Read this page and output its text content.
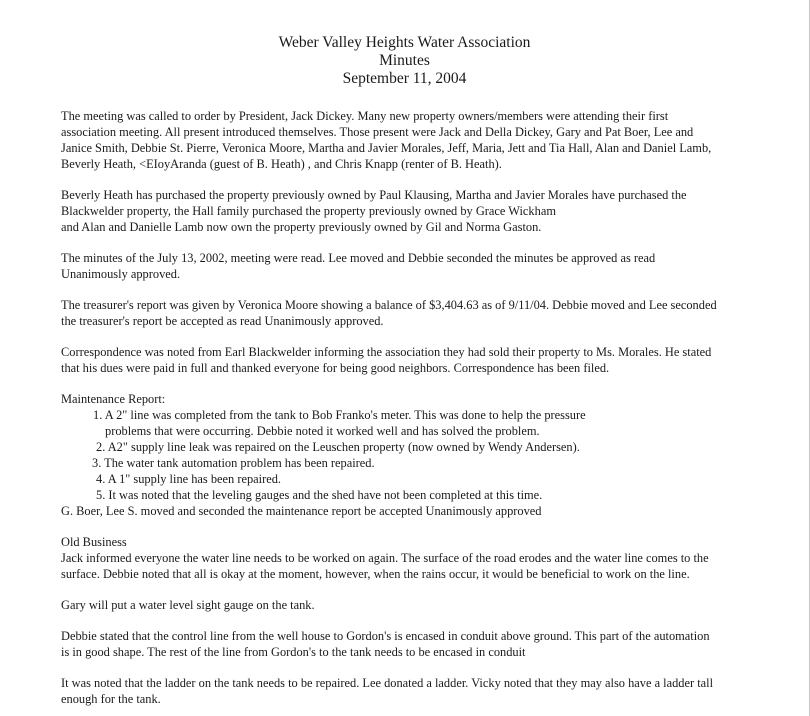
Weber Valley Heights Water Association
Minutes
September 11, 2004
The meeting was called to order by President, Jack Dickey. Many new property owners/members were attending their first
association meeting. All present introduced themselves. Those present were Jack and Della Dickey, Gary and Pat Boer, Lee and
Janice Smith, Debbie St. Pierre, Veronica Moore, Martha and Javier Morales, Jeff, Maria, Jett and Tia Hall, Alan and Daniel Lamb,
Beverly Heath, <EIoyAranda (guest of B. Heath) , and Chris Knapp (renter of B. Heath).
Beverly Heath has purchased the property previously owned by Paul Klausing, Martha and Javier Morales have purchased the
Blackwelder property, the Hall family purchased the property previously owned by Grace Wickham
and Alan and Danielle Lamb now own the property previously owned by Gil and Norma Gaston.
The minutes of the July 13, 2002, meeting were read. Lee moved and Debbie seconded the minutes be approved as read
Unanimously approved.
The treasurer's report was given by Veronica Moore showing a balance of $3,404.63 as of 9/11/04. Debbie moved and Lee seconded
the treasurer's report be accepted as read Unanimously approved.
Correspondence was noted from Earl Blackwelder informing the association they had sold their property to Ms. Morales. He stated
that his dues were paid in full and thanked everyone for being good neighbors. Correspondence has been filed.
Maintenance Report:
1. A 2" line was completed from the tank to Bob Franko's meter. This was done to help the pressure
problems that were occurring. Debbie noted it worked well and has solved the problem.
2. A2" supply line leak was repaired on the Leuschen property (now owned by Wendy Andersen).
3. The water tank automation problem has been repaired.
4. A 1" supply line has been repaired.
5. It was noted that the leveling gauges and the shed have not been completed at this time.
G. Boer, Lee S. moved and seconded the maintenance report be accepted Unanimously approved
Old Business
Jack informed everyone the water line needs to be worked on again. The surface of the road erodes and the water line comes to the
surface. Debbie noted that all is okay at the moment, however, when the rains occur, it would be beneficial to work on the line.
Gary will put a water level sight gauge on the tank.
Debbie stated that the control line from the well house to Gordon's is encased in conduit above ground. This part of the automation
is in good shape. The rest of the line from Gordon's to the tank needs to be encased in conduit
It was noted that the ladder on the tank needs to be repaired. Lee donated a ladder. Vicky noted that they may also have a ladder tall
enough for the tank.
